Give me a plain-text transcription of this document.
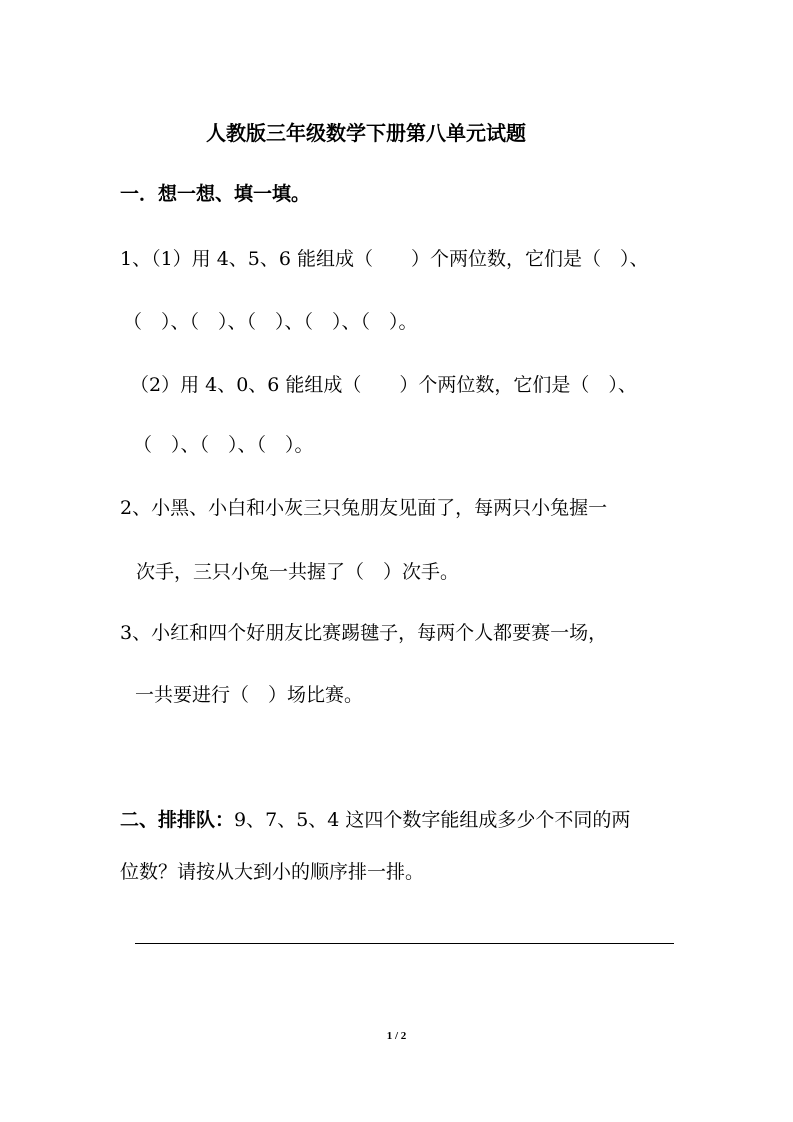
人教版三年级数学下册第八单元试题
一．想一想、填一填。
1、（1）用 4、5、6 能组成（　　）个两位数，它们是（　）、
（　）、（　）、（　）、（　）、（　）。
（2）用 4、0、6 能组成（　　）个两位数，它们是（　）、
（　）、（　）、（　）。
2、小黑、小白和小灰三只兔朋友见面了，每两只小兔握一
次手，三只小兔一共握了（　）次手。
3、小红和四个好朋友比赛踢毽子，每两个人都要赛一场，
一共要进行（　）场比赛。
二、排排队：9、7、5、4 这四个数字能组成多少个不同的两
位数？请按从大到小的顺序排一排。
1 / 2
